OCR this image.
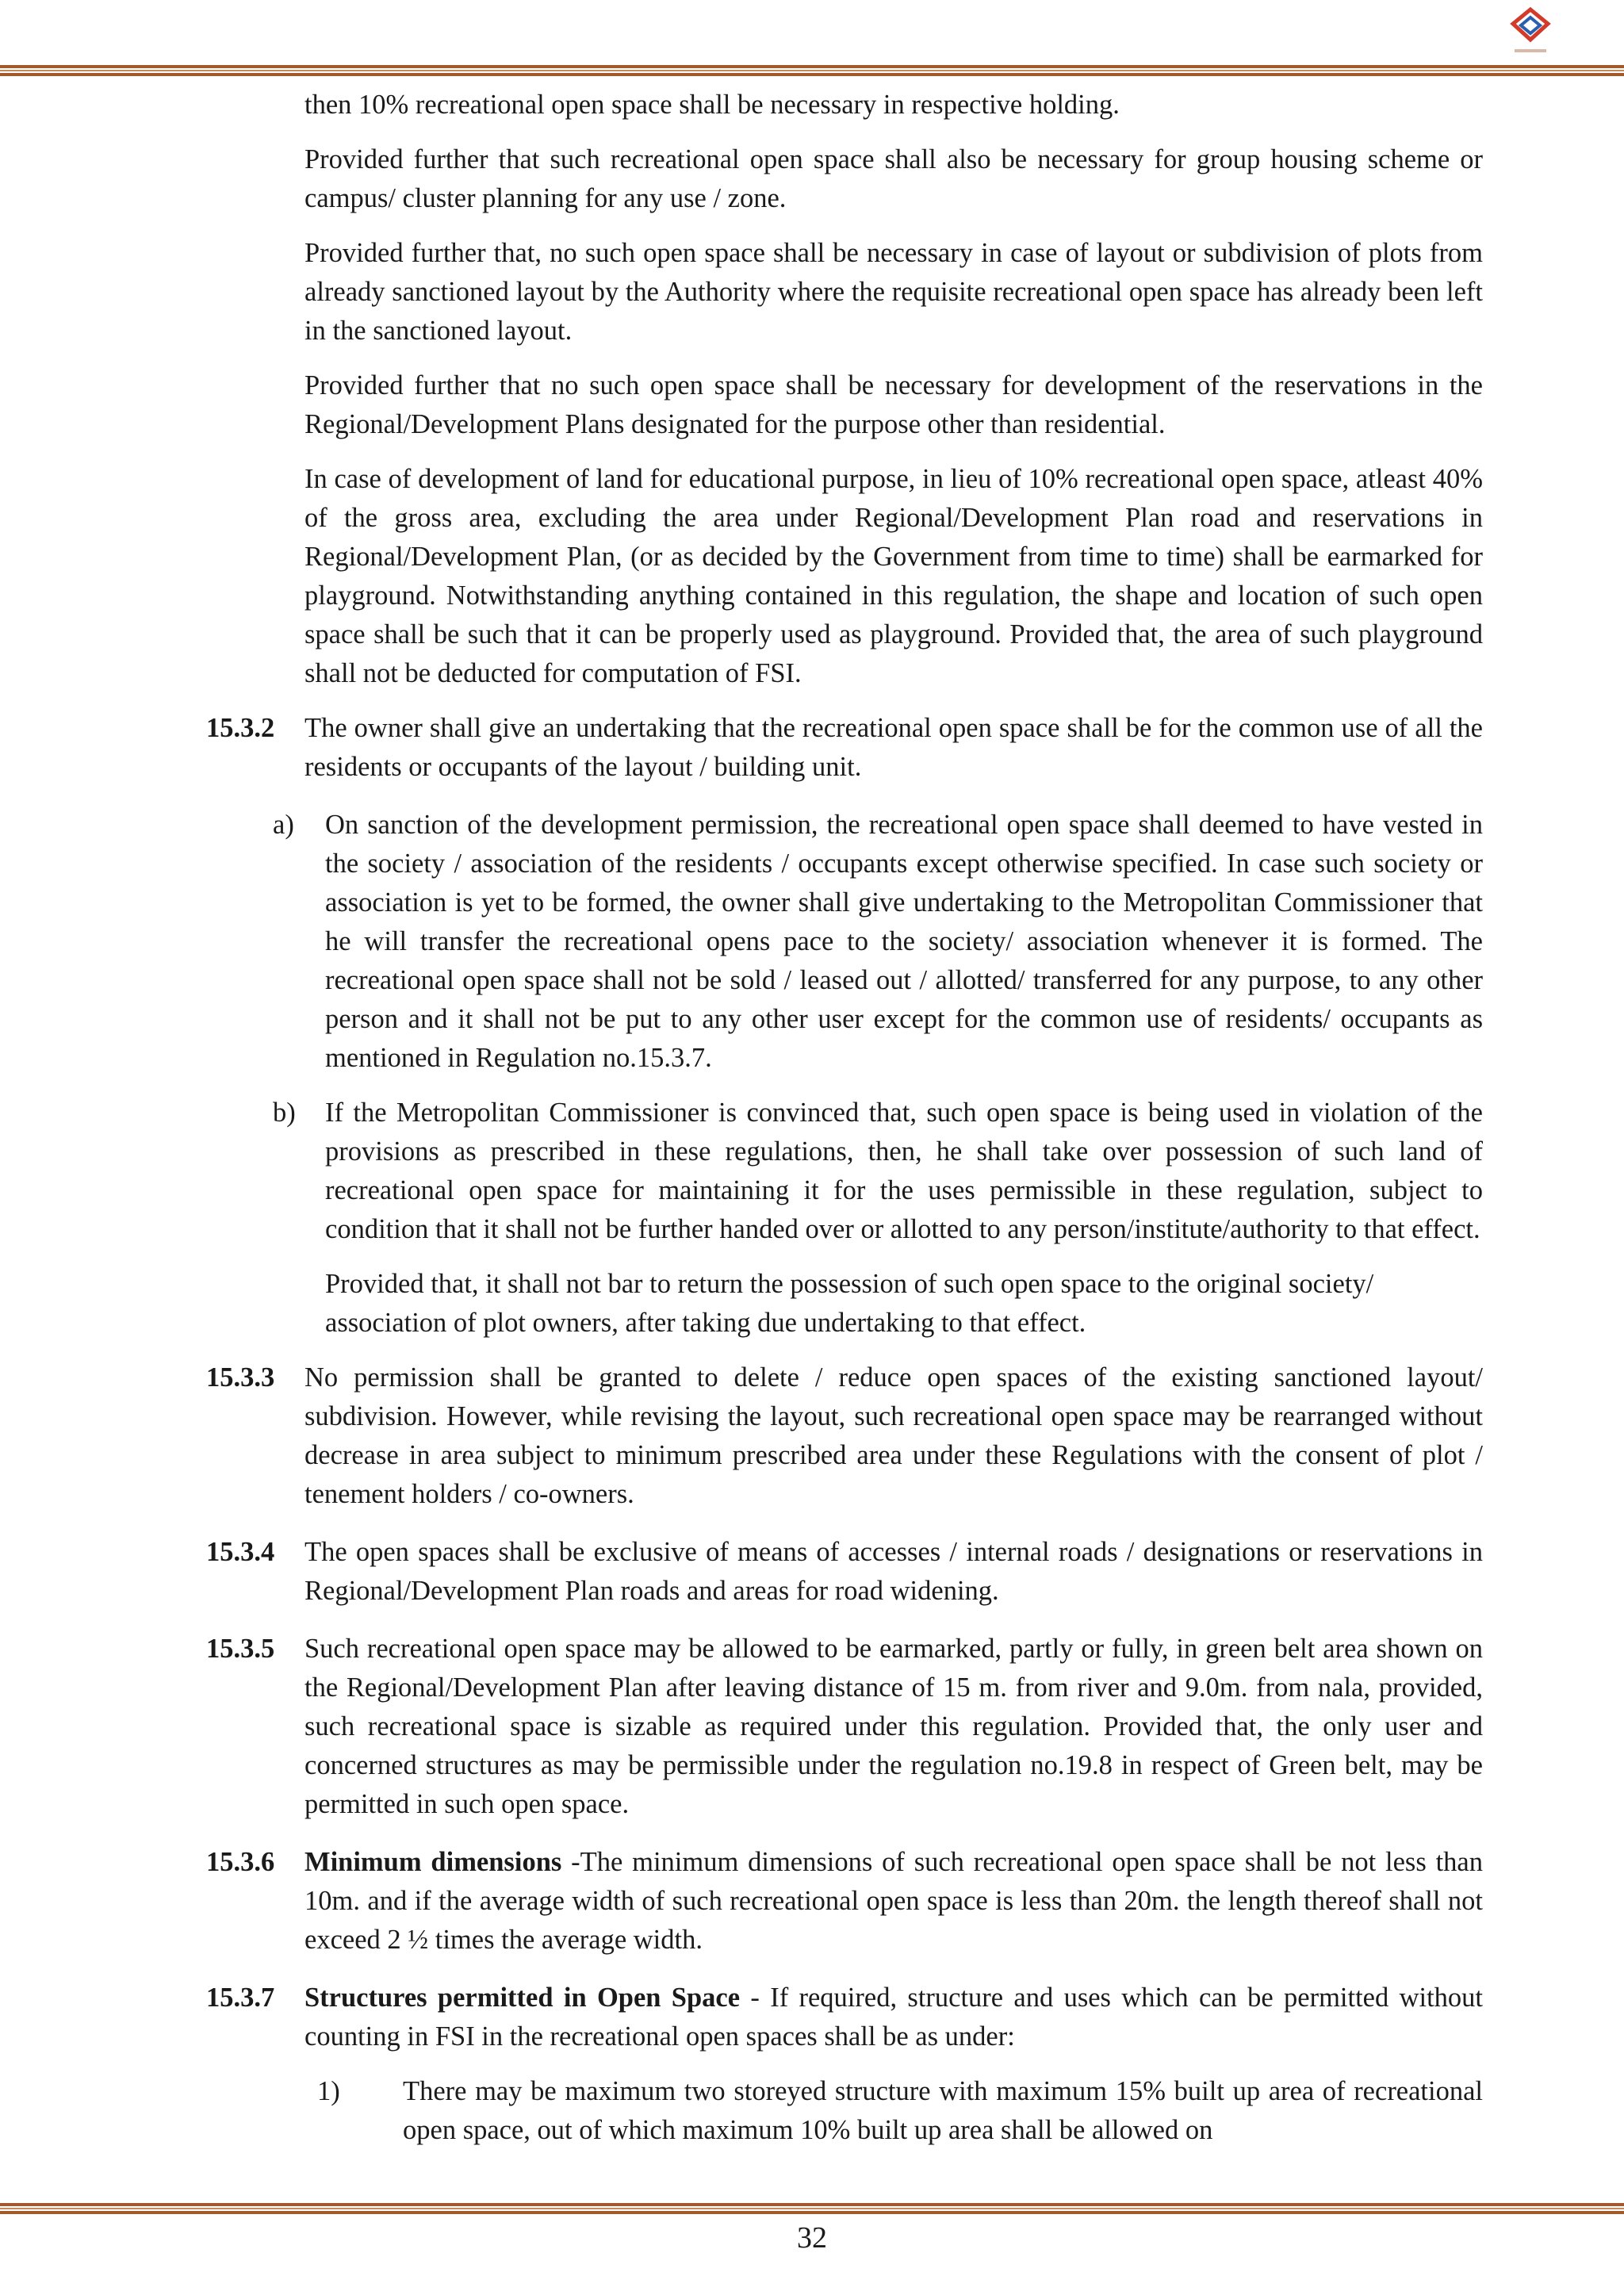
then 10% recreational open space shall be necessary in respective holding.

Provided further that such recreational open space shall also be necessary for group housing scheme or campus/ cluster planning for any use / zone.

Provided further that, no such open space shall be necessary in case of layout or subdivision of plots from already sanctioned layout by the Authority where the requisite recreational open space has already been left in the sanctioned layout.

Provided further that no such open space shall be necessary for development of the reservations in the Regional/Development Plans designated for the purpose other than residential.

In case of development of land for educational purpose, in lieu of 10% recreational open space, atleast 40% of the gross area, excluding the area under Regional/Development Plan road and reservations in Regional/Development Plan, (or as decided by the Government from time to time) shall be earmarked for playground. Notwithstanding anything contained in this regulation, the shape and location of such open space shall be such that it can be properly used as playground. Provided that, the area of such playground shall not be deducted for computation of FSI.

15.3.2 The owner shall give an undertaking that the recreational open space shall be for the common use of all the residents or occupants of the layout / building unit.
a) On sanction of the development permission, the recreational open space shall deemed to have vested in the society / association of the residents / occupants except otherwise specified. In case such society or association is yet to be formed, the owner shall give undertaking to the Metropolitan Commissioner that he will transfer the recreational opens pace to the society/ association whenever it is formed. The recreational open space shall not be sold / leased out / allotted/ transferred for any purpose, to any other person and it shall not be put to any other user except for the common use of residents/ occupants as mentioned in Regulation no.15.3.7.
b) If the Metropolitan Commissioner is convinced that, such open space is being used in violation of the provisions as prescribed in these regulations, then, he shall take over possession of such land of recreational open space for maintaining it for the uses permissible in these regulation, subject to condition that it shall not be further handed over or allotted to any person/institute/authority to that effect.

Provided that, it shall not bar to return the possession of such open space to the original society/ association of plot owners, after taking due undertaking to that effect.

15.3.3 No permission shall be granted to delete / reduce open spaces of the existing sanctioned layout/ subdivision. However, while revising the layout, such recreational open space may be rearranged without decrease in area subject to minimum prescribed area under these Regulations with the consent of plot / tenement holders / co-owners.
15.3.4 The open spaces shall be exclusive of means of accesses / internal roads / designations or reservations in Regional/Development Plan roads and areas for road widening.
15.3.5 Such recreational open space may be allowed to be earmarked, partly or fully, in green belt area shown on the Regional/Development Plan after leaving distance of 15 m. from river and 9.0m. from nala, provided, such recreational space is sizable as required under this regulation. Provided that, the only user and concerned structures as may be permissible under the regulation no.19.8 in respect of Green belt, may be permitted in such open space.
15.3.6 Minimum dimensions -The minimum dimensions of such recreational open space shall be not less than 10m. and if the average width of such recreational open space is less than 20m. the length thereof shall not exceed 2 ½ times the average width.
15.3.7 Structures permitted in Open Space - If required, structure and uses which can be permitted without counting in FSI in the recreational open spaces shall be as under:
1) There may be maximum two storeyed structure with maximum 15% built up area of recreational open space, out of which maximum 10% built up area shall be allowed on
32
